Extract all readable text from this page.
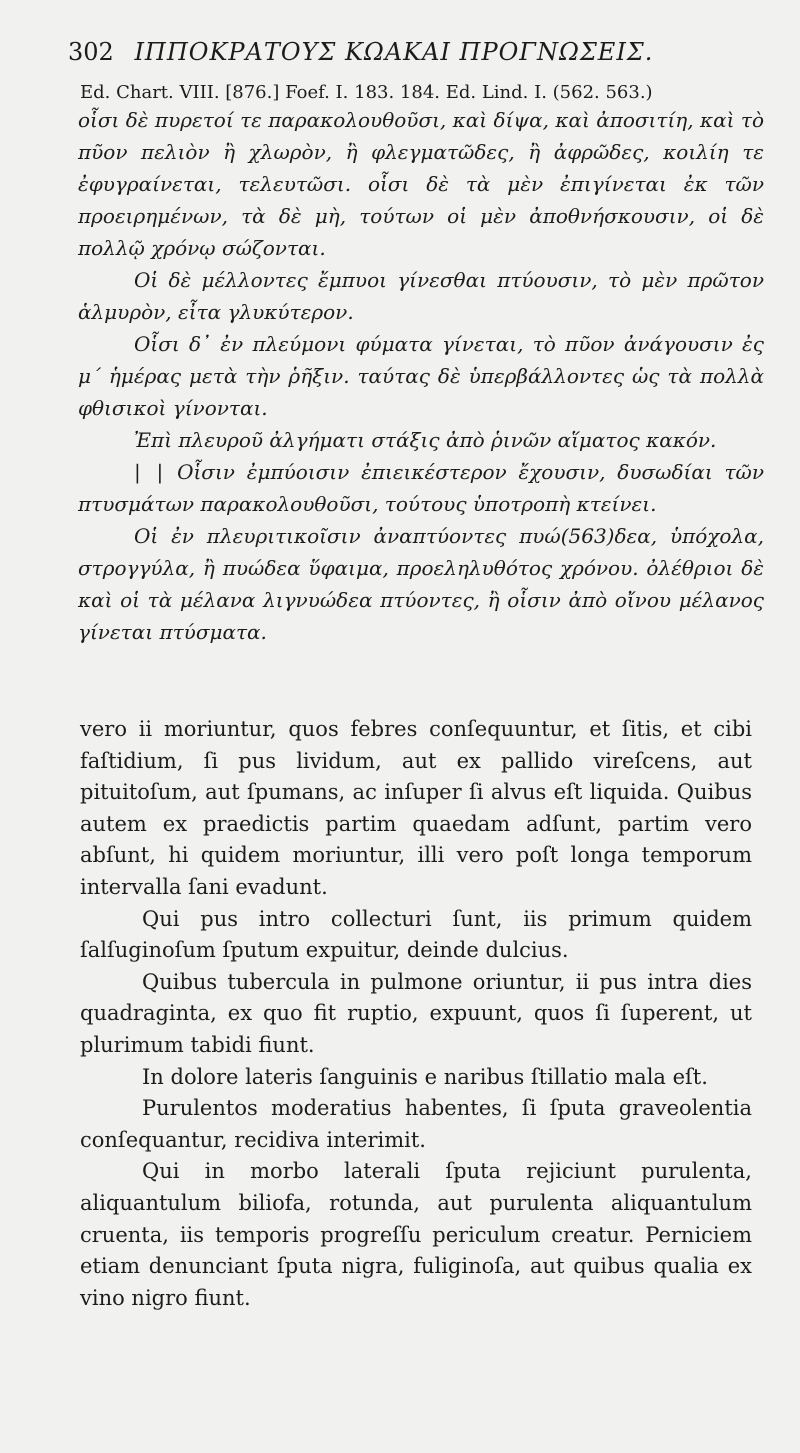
302 ΙΠΠΟΚΡΑΤΟΥΣ ΚΩΑΚΑΙ ΠΡΟΓΝΩΣΕΙΣ.
Ed. Chart. VIII. [876.] Foef. I. 183. 184. Ed. Lind. I. (562. 563.)

οἷσι δὲ πυρετοί τε παρακολουθοῦσι, καὶ δίψα, καὶ ἀποσιτίη, καὶ τὸ πῦον πελιὸν ἢ χλωρὸν, ἢ φλεγματῶδες, ἢ ἀφρῶδες, κοιλίη τε ἐφυγραίνεται, τελευτῶσι. οἷσι δὲ τὰ μὲν ἐπιγίνεται ἐκ τῶν προειρημένων, τὰ δὲ μὴ, τούτων οἱ μὲν ἀποθνήσκουσιν, οἱ δὲ πολλῷ χρόνῳ σώζονται.

Οἱ δὲ μέλλοντες ἔμπυοι γίνεσθαι πτύουσιν, τὸ μὲν πρῶτον ἁλμυρὸν, εἶτα γλυκύτερον.

Οἷσι δ᾽ ἐν πλεύμονι φύματα γίνεται, τὸ πῦον ἀνάγουσιν ἐς μ΄ ἡμέρας μετὰ τὴν ῥῆξιν. ταύτας δὲ ὑπερβάλλοντες ὡς τὰ πολλὰ φθισικοὶ γίνονται.

Ἐπὶ πλευροῦ ἀλγήματι στάξις ἀπὸ ῥινῶν αἵματος κακόν.

| | Οἷσιν ἐμπύοισιν ἐπιεικέστερον ἔχουσιν, δυσωδίαι τῶν πτυσμάτων παρακολουθοῦσι, τούτους ὑποτροπὴ κτείνει.

Οἱ ἐν πλευριτικοῖσιν ἀναπτύοντες πυώ(563)δεα, ὑπόχολα, στρογγύλα, ἢ πυώδεα ὕφαιμα, προεληλυθότος χρόνου. ὀλέθριοι δὲ καὶ οἱ τὰ μέλανα λιγνυώδεα πτύοντες, ἢ οἷσιν ἀπὸ οἴνου μέλανος γίνεται πτύσματα.

vero ii moriuntur, quos febres conſequuntur, et ſitis, et cibi faſtidium, ſi pus lividum, aut ex pallido vireſcens, aut pituitoſum, aut ſpumans, ac inſuper ſi alvus eſt liquida. Quibus autem ex praedictis partim quaedam adſunt, partim vero abſunt, hi quidem moriuntur, illi vero poſt longa temporum intervalla ſani evadunt.

Qui pus intro collecturi ſunt, iis primum quidem ſalſuginoſum ſputum expuitur, deinde dulcius.

Quibus tubercula in pulmone oriuntur, ii pus intra dies quadraginta, ex quo fit ruptio, expuunt, quos ſi ſuperent, ut plurimum tabidi fiunt.

In dolore lateris ſanguinis e naribus ſtillatio mala eſt.

Purulentos moderatius habentes, ſi ſputa graveolentia conſequantur, recidiva interimit.

Qui in morbo laterali ſputa rejiciunt purulenta, aliquantulum biliofa, rotunda, aut purulenta aliquantulum cruenta, iis temporis progreſſu periculum creatur. Perniciem etiam denunciant ſputa nigra, fuliginoſa, aut quibus qualia ex vino nigro fiunt.
